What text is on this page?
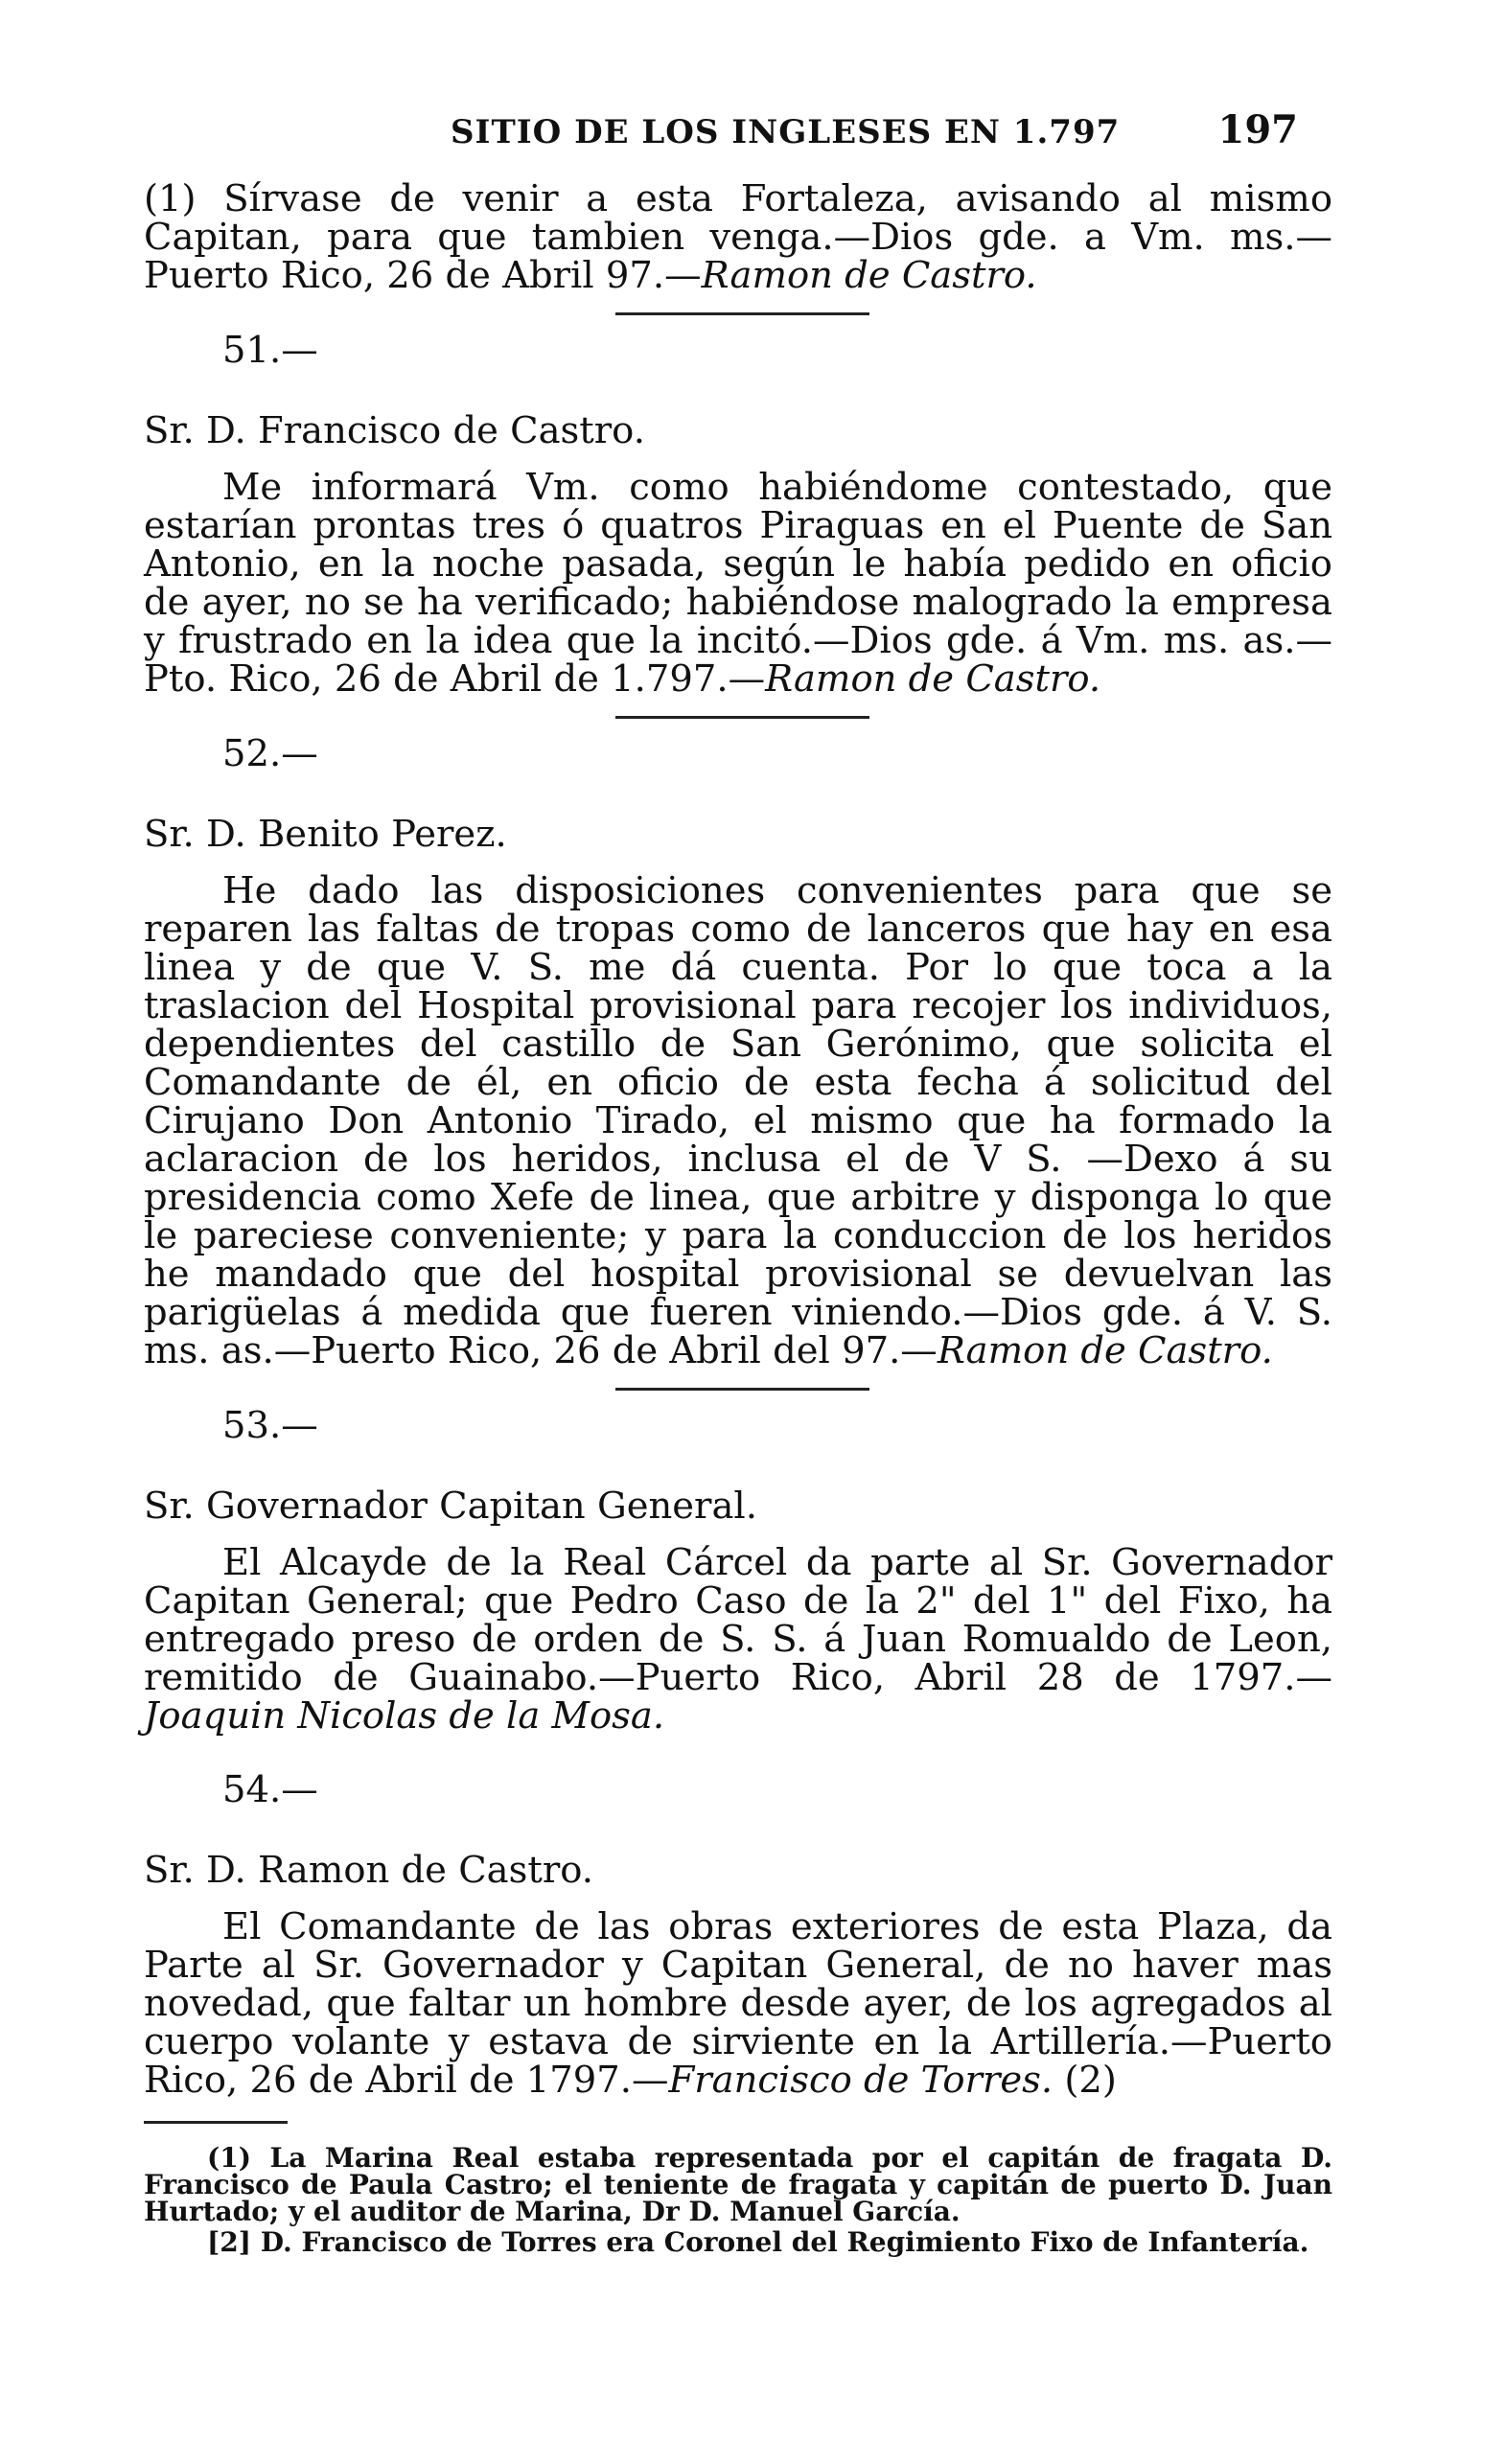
SITIO DE LOS INGLESES EN 1.797	197

(1) Sírvase de venir a esta Fortaleza, avisando al mismo Capitan, para que tambien venga.—Dios gde. a Vm. ms.—Puerto Rico, 26 de Abril 97.—Ramon de Castro.

51.—
Sr. D. Francisco de Castro.

Me informará Vm. como habiéndome contestado, que estarían prontas tres ó quatros Piraguas en el Puente de San Antonio, en la noche pasada, según le había pedido en oficio de ayer, no se ha verificado; habiéndose malogrado la empresa y frustrado en la idea que la incitó.—Dios gde. á Vm. ms. as.—Pto. Rico, 26 de Abril de 1.797.—Ramon de Castro.

52.—
Sr. D. Benito Perez.

He dado las disposiciones convenientes para que se reparen las faltas de tropas como de lanceros que hay en esa linea y de que V. S. me dá cuenta. Por lo que toca a la traslacion del Hospital provisional para recojer los individuos, dependientes del castillo de San Gerónimo, que solicita el Comandante de él, en oficio de esta fecha á solicitud del Cirujano Don Antonio Tirado, el mismo que ha formado la aclaracion de los heridos, inclusa el de V S. —Dexo á su presidencia como Xefe de linea, que arbitre y disponga lo que le pareciese conveniente; y para la conduccion de los heridos he mandado que del hospital provisional se devuelvan las parigüelas á medida que fueren viniendo.—Dios gde. á V. S. ms. as.—Puerto Rico, 26 de Abril del 97.—Ramon de Castro.

53.—
Sr. Governador Capitan General.

El Alcayde de la Real Cárcel da parte al Sr. Governador Capitan General; que Pedro Caso de la 2" del 1" del Fixo, ha entregado preso de orden de S. S. á Juan Romualdo de Leon, remitido de Guainabo.—Puerto Rico, Abril 28 de 1797.—Joaquin Nicolas de la Mosa.

54.—
Sr. D. Ramon de Castro.

El Comandante de las obras exteriores de esta Plaza, da Parte al Sr. Governador y Capitan General, de no haver mas novedad, que faltar un hombre desde ayer, de los agregados al cuerpo volante y estava de sirviente en la Artillería.—Puerto Rico, 26 de Abril de 1797.—Francisco de Torres. (2)

(1) La Marina Real estaba representada por el capitán de fragata D. Francisco de Paula Castro; el teniente de fragata y capitán de puerto D. Juan Hurtado; y el auditor de Marina, Dr D. Manuel García.

[2] D. Francisco de Torres era Coronel del Regimiento Fixo de Infantería.
